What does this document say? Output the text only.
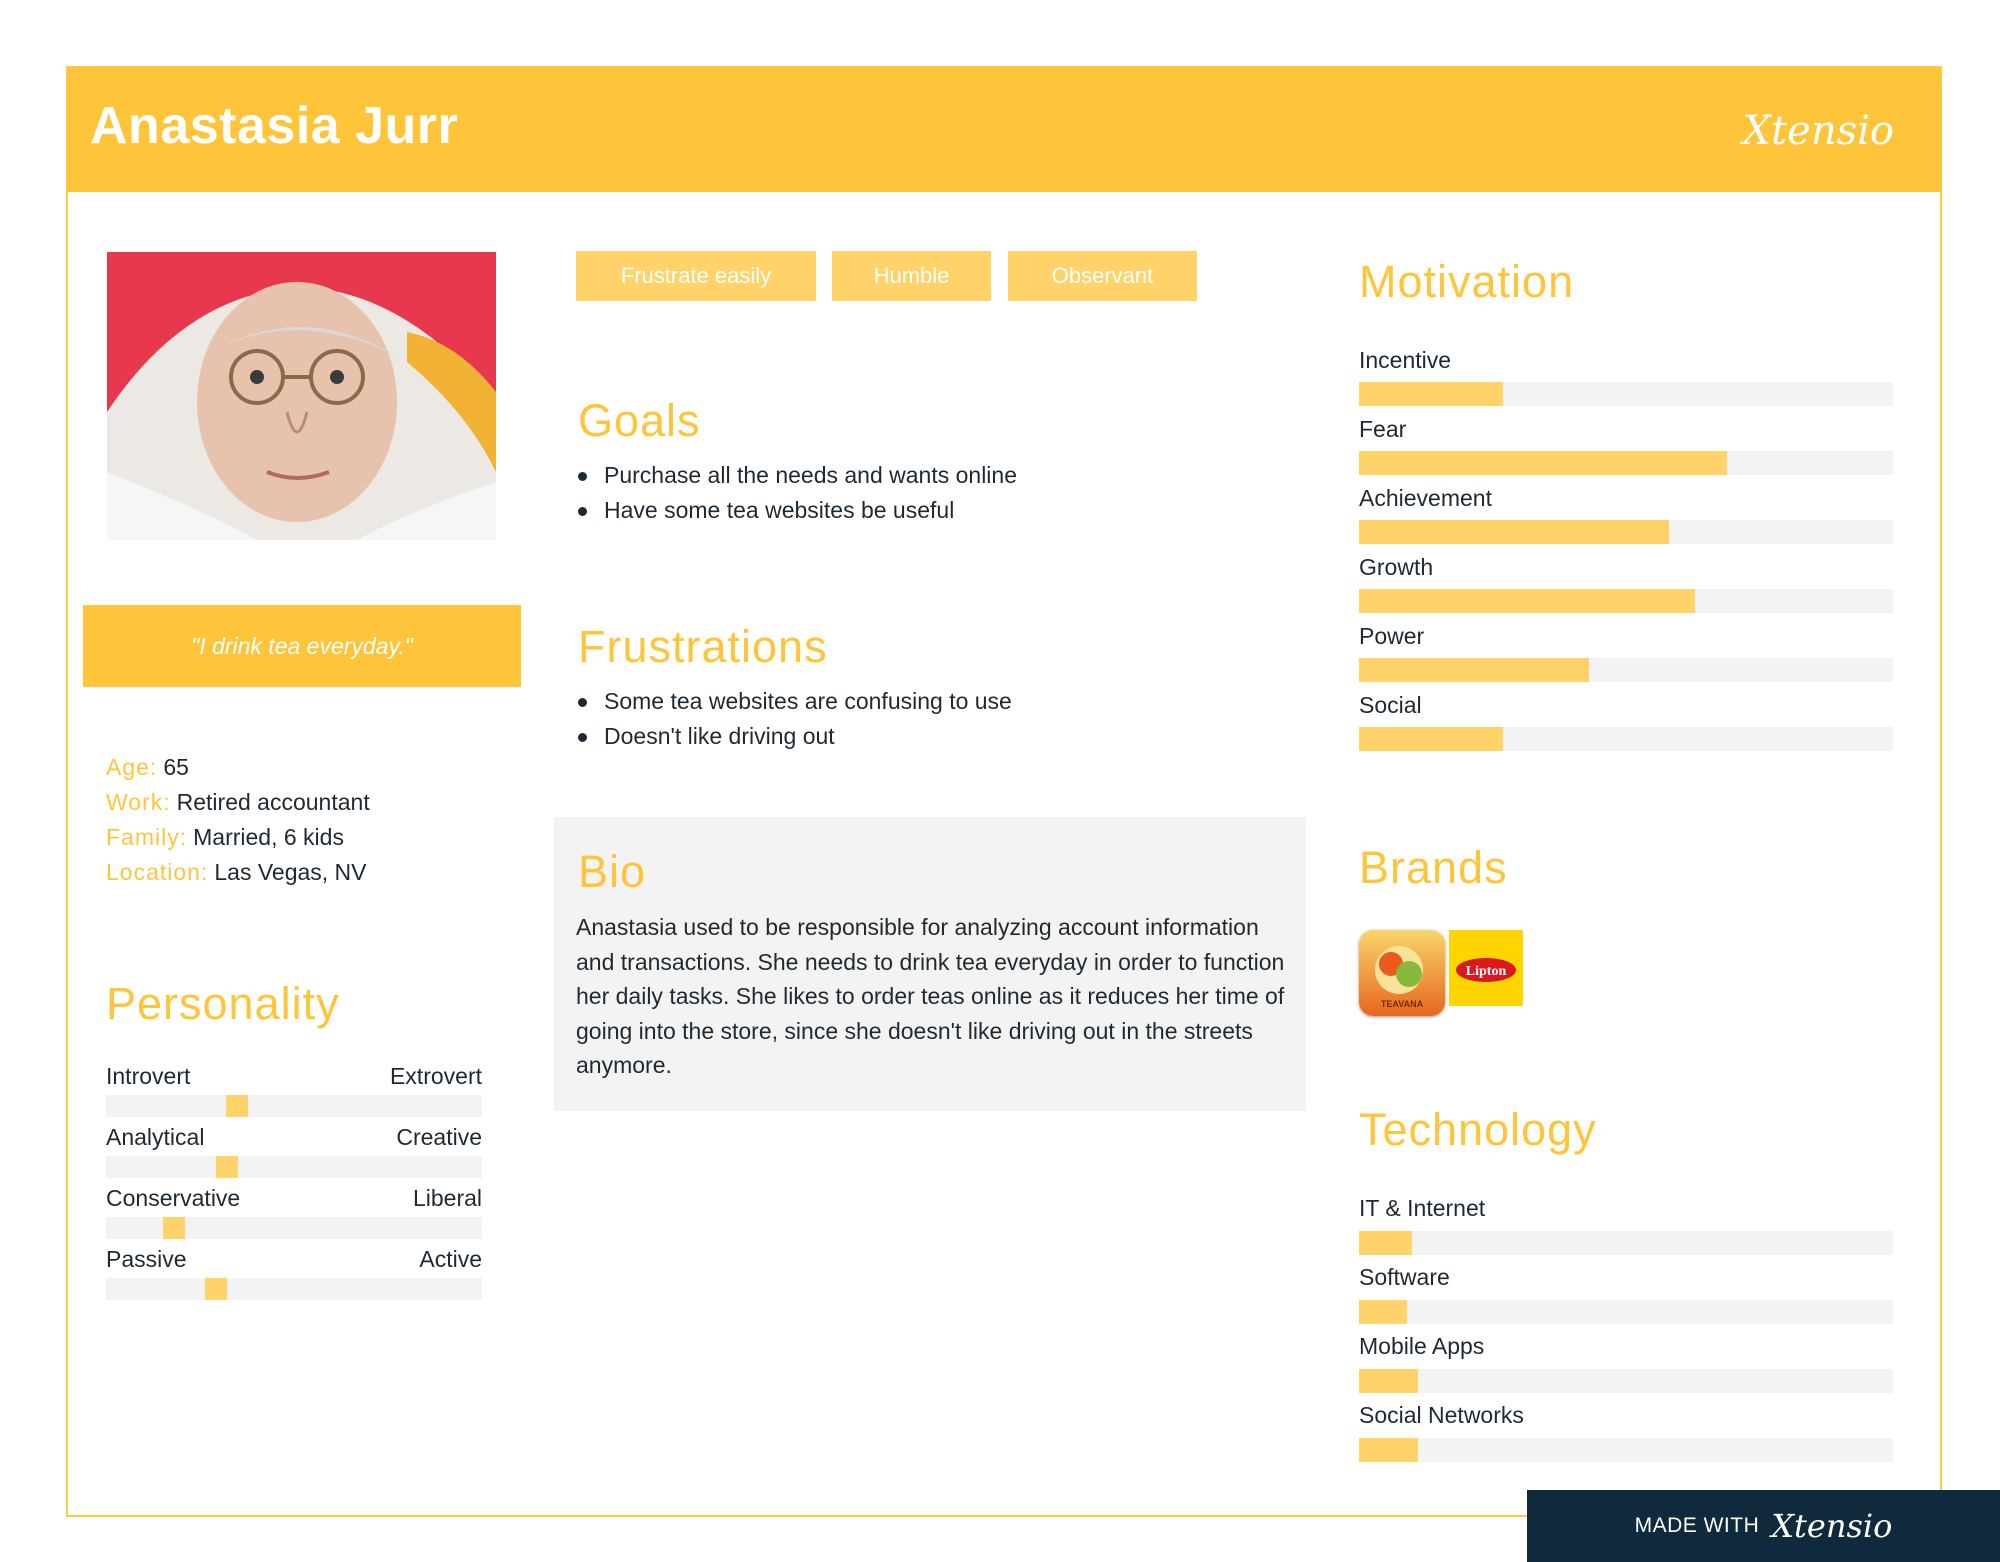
Anastasia Jurr	Xtensio
"I drink tea everyday."
Age: 65
Work: Retired accountant
Family: Married, 6 kids
Location: Las Vegas, NV
Personality
Introvert	Extrovert
Analytical	Creative
Conservative	Liberal
Passive	Active
Frustrate easily	Humble	Observant
Goals
Purchase all the needs and wants online
Have some tea websites be useful
Frustrations
Some tea websites are confusing to use
Doesn't like driving out
Bio
Anastasia used to be responsible for analyzing account information and transactions. She needs to drink tea everyday in order to function her daily tasks. She likes to order teas online as it reduces her time of going into the store, since she doesn't like driving out in the streets anymore.
Motivation
Incentive
Fear
Achievement
Growth
Power
Social
Brands
TEAVANA
Lipton
Technology
IT & Internet
Software
Mobile Apps
Social Networks
MADE WITH Xtensio
